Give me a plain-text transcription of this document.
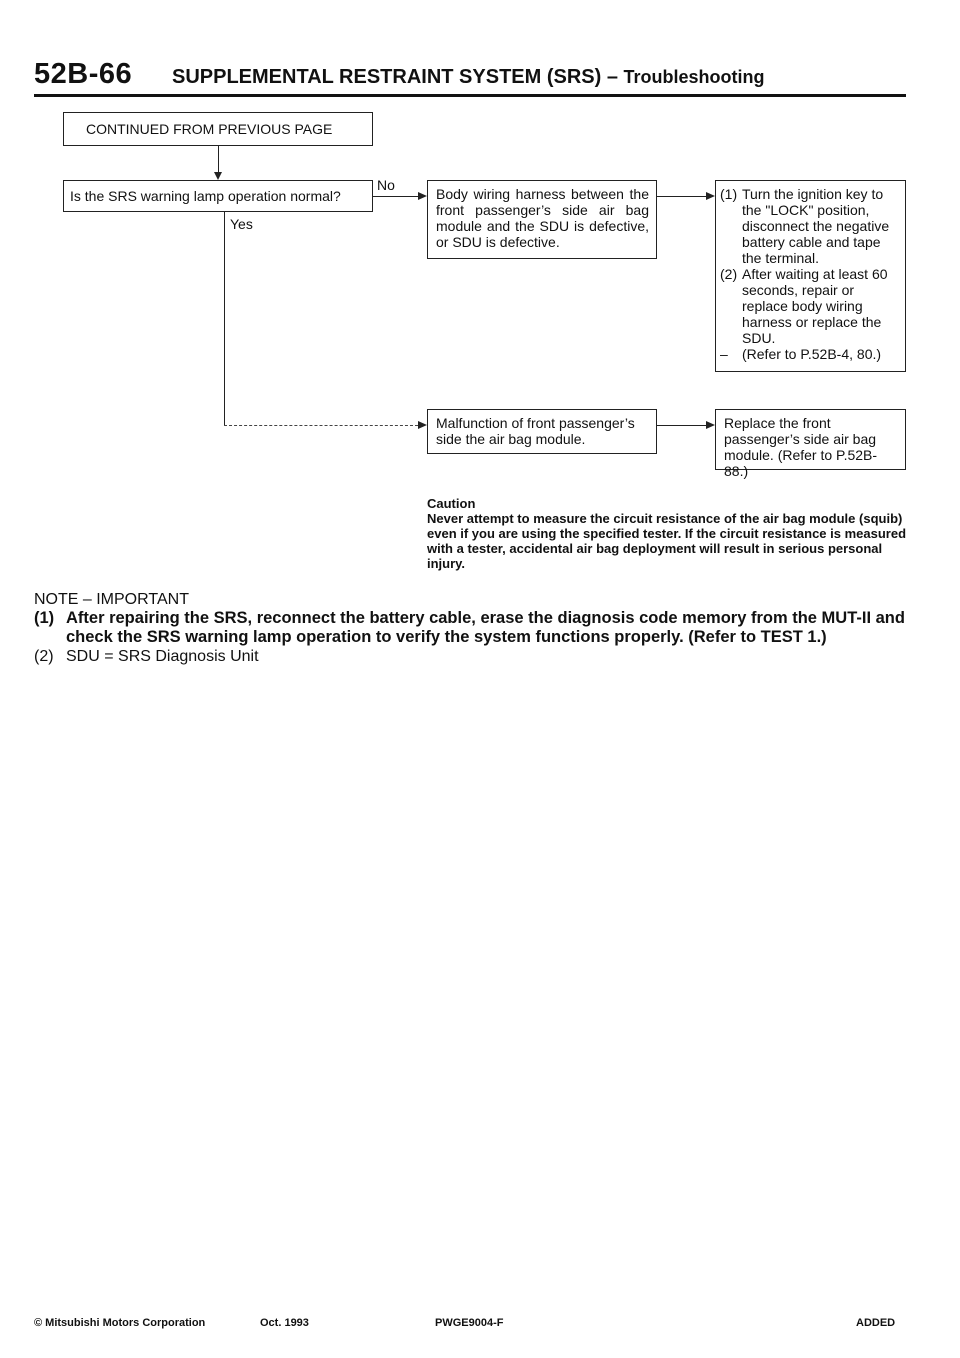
52B-66 SUPPLEMENTAL RESTRAINT SYSTEM (SRS) – Troubleshooting
CONTINUED FROM PREVIOUS PAGE
Is the SRS warning lamp operation normal?
No
Body wiring harness between the front passenger’s side air bag module and the SDU is defective, or SDU is defective.
(1) Turn the ignition key to the "LOCK" position, disconnect the negative battery cable and tape the terminal.
(2) After waiting at least 60 seconds, repair or replace body wiring harness or replace the SDU.
–	(Refer to P.52B-4, 80.)
Yes
Malfunction of front passenger’s side the air bag module.
Replace the front passenger’s side air bag module. (Refer to P.52B-88.)
Caution
Never attempt to measure the circuit resistance of the air bag module (squib) even if you are using the specified tester. If the circuit resistance is measured with a tester, accidental air bag deployment will result in serious personal injury.
NOTE – IMPORTANT
(1) After repairing the SRS, reconnect the battery cable, erase the diagnosis code memory from the MUT-II and check the SRS warning lamp operation to verify the system functions properly. (Refer to TEST 1.)
(2) SDU = SRS Diagnosis Unit
© Mitsubishi Motors Corporation	Oct. 1993	PWGE9004-F	ADDED
